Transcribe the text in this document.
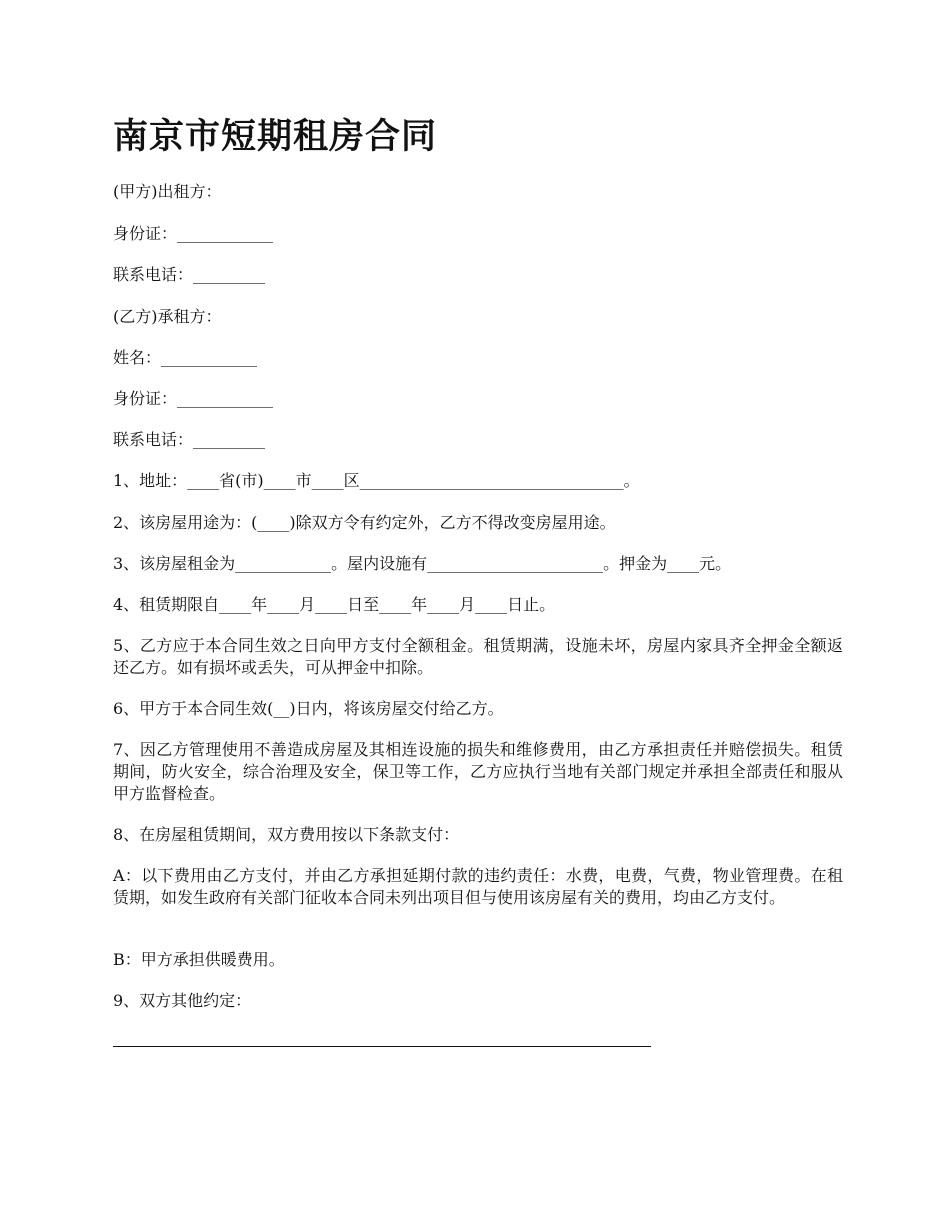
南京市短期租房合同

(甲方)出租方：

身份证：____________

联系电话：_________

(乙方)承租方：

姓名：____________

身份证：____________

联系电话：_________

1、地址：____省(市)____市____区_________________________________。

2、该房屋用途为：(____)除双方令有约定外，乙方不得改变房屋用途。

3、该房屋租金为____________。屋内设施有______________________。押金为____元。

4、租赁期限自____年____月____日至____年____月____日止。

5、乙方应于本合同生效之日向甲方支付全额租金。租赁期满，设施未坏，房屋内家具齐全押金全额返还乙方。如有损坏或丢失，可从押金中扣除。

6、甲方于本合同生效(__)日内，将该房屋交付给乙方。

7、因乙方管理使用不善造成房屋及其相连设施的损失和维修费用，由乙方承担责任并赔偿损失。租赁期间，防火安全，综合治理及安全，保卫等工作，乙方应执行当地有关部门规定并承担全部责任和服从甲方监督检查。

8、在房屋租赁期间，双方费用按以下条款支付：

A：以下费用由乙方支付，并由乙方承担延期付款的违约责任：水费，电费，气费，物业管理费。在租赁期，如发生政府有关部门征收本合同未列出项目但与使用该房屋有关的费用，均由乙方支付。

B：甲方承担供暖费用。

9、双方其他约定：
